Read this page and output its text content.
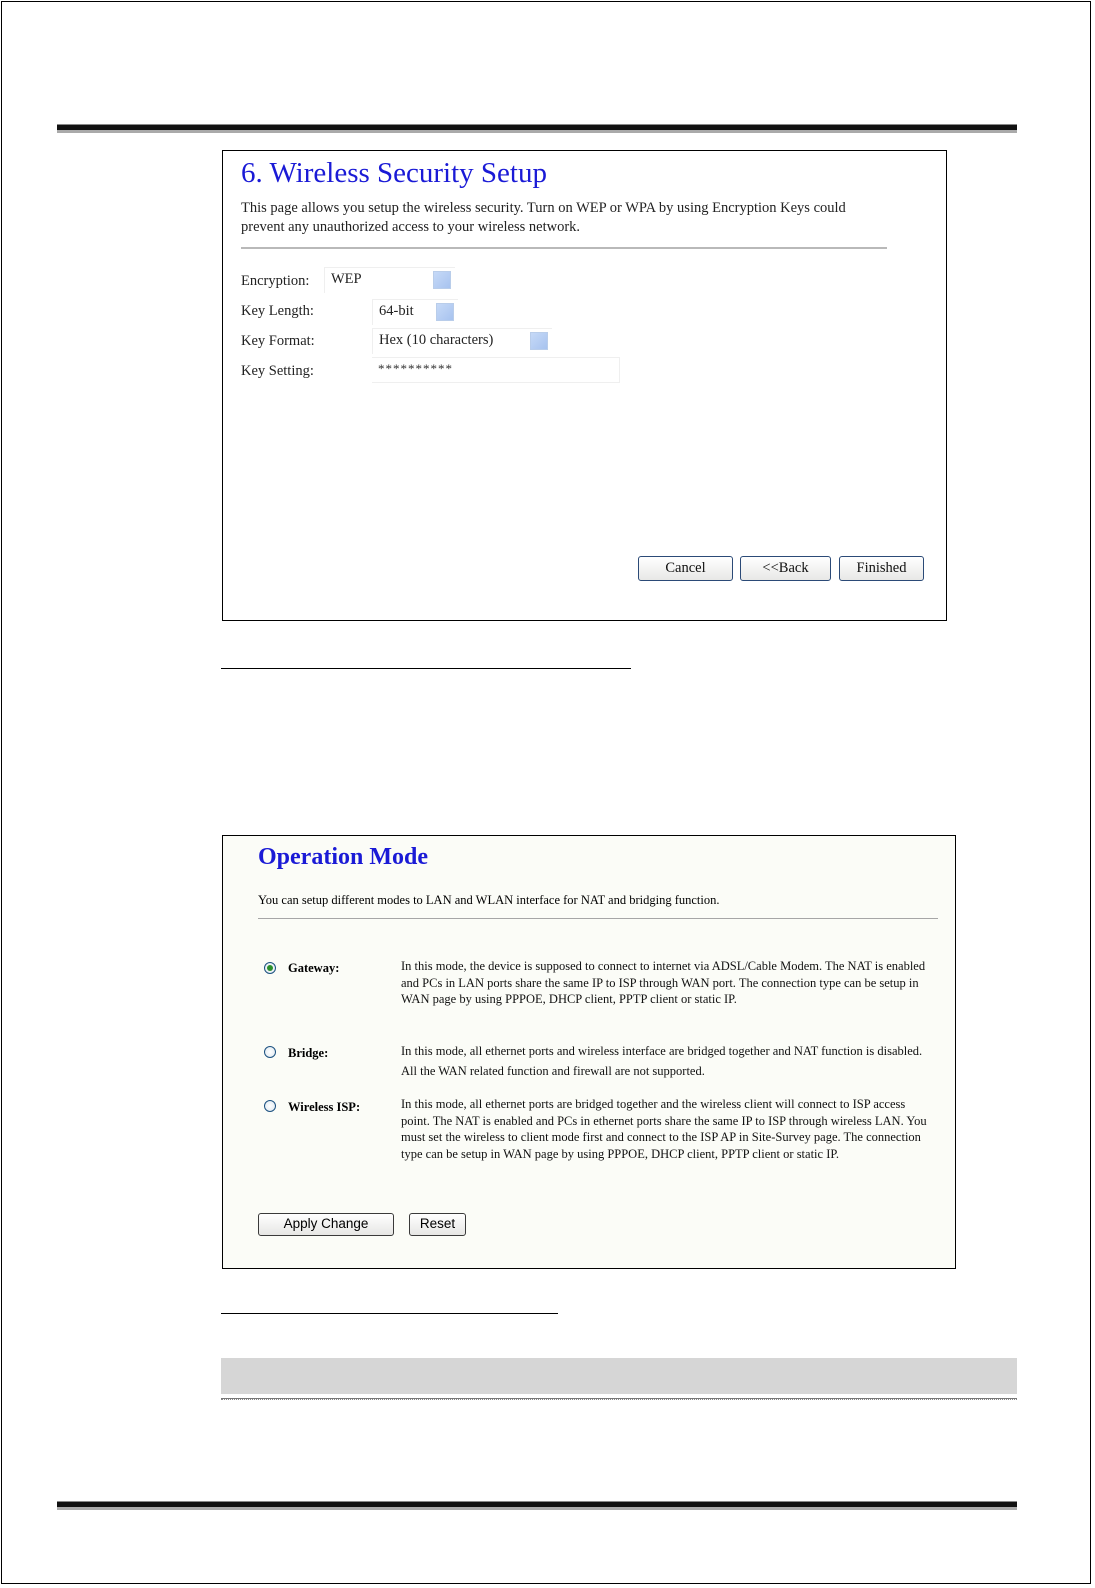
6. Wireless Security Setup
This page allows you setup the wireless security. Turn on WEP or WPA by using Encryption Keys could prevent any unauthorized access to your wireless network.
Encryption: WEP
Key Length:	64-bit
Key Format:	Hex (10 characters)
Key Setting:	**********
Cancel	<<Back	Finished
Operation Mode
You can setup different modes to LAN and WLAN interface for NAT and bridging function.
Gateway:	In this mode, the device is supposed to connect to internet via ADSL/Cable Modem. The NAT is enabled and PCs in LAN ports share the same IP to ISP through WAN port. The connection type can be setup in WAN page by using PPPOE, DHCP client, PPTP client or static IP.
Bridge:	In this mode, all ethernet ports and wireless interface are bridged together and NAT function is disabled. All the WAN related function and firewall are not supported.
Wireless ISP:	In this mode, all ethernet ports are bridged together and the wireless client will connect to ISP access point. The NAT is enabled and PCs in ethernet ports share the same IP to ISP through wireless LAN. You must set the wireless to client mode first and connect to the ISP AP in Site-Survey page. The connection type can be setup in WAN page by using PPPOE, DHCP client, PPTP client or static IP.
Apply Change	Reset
